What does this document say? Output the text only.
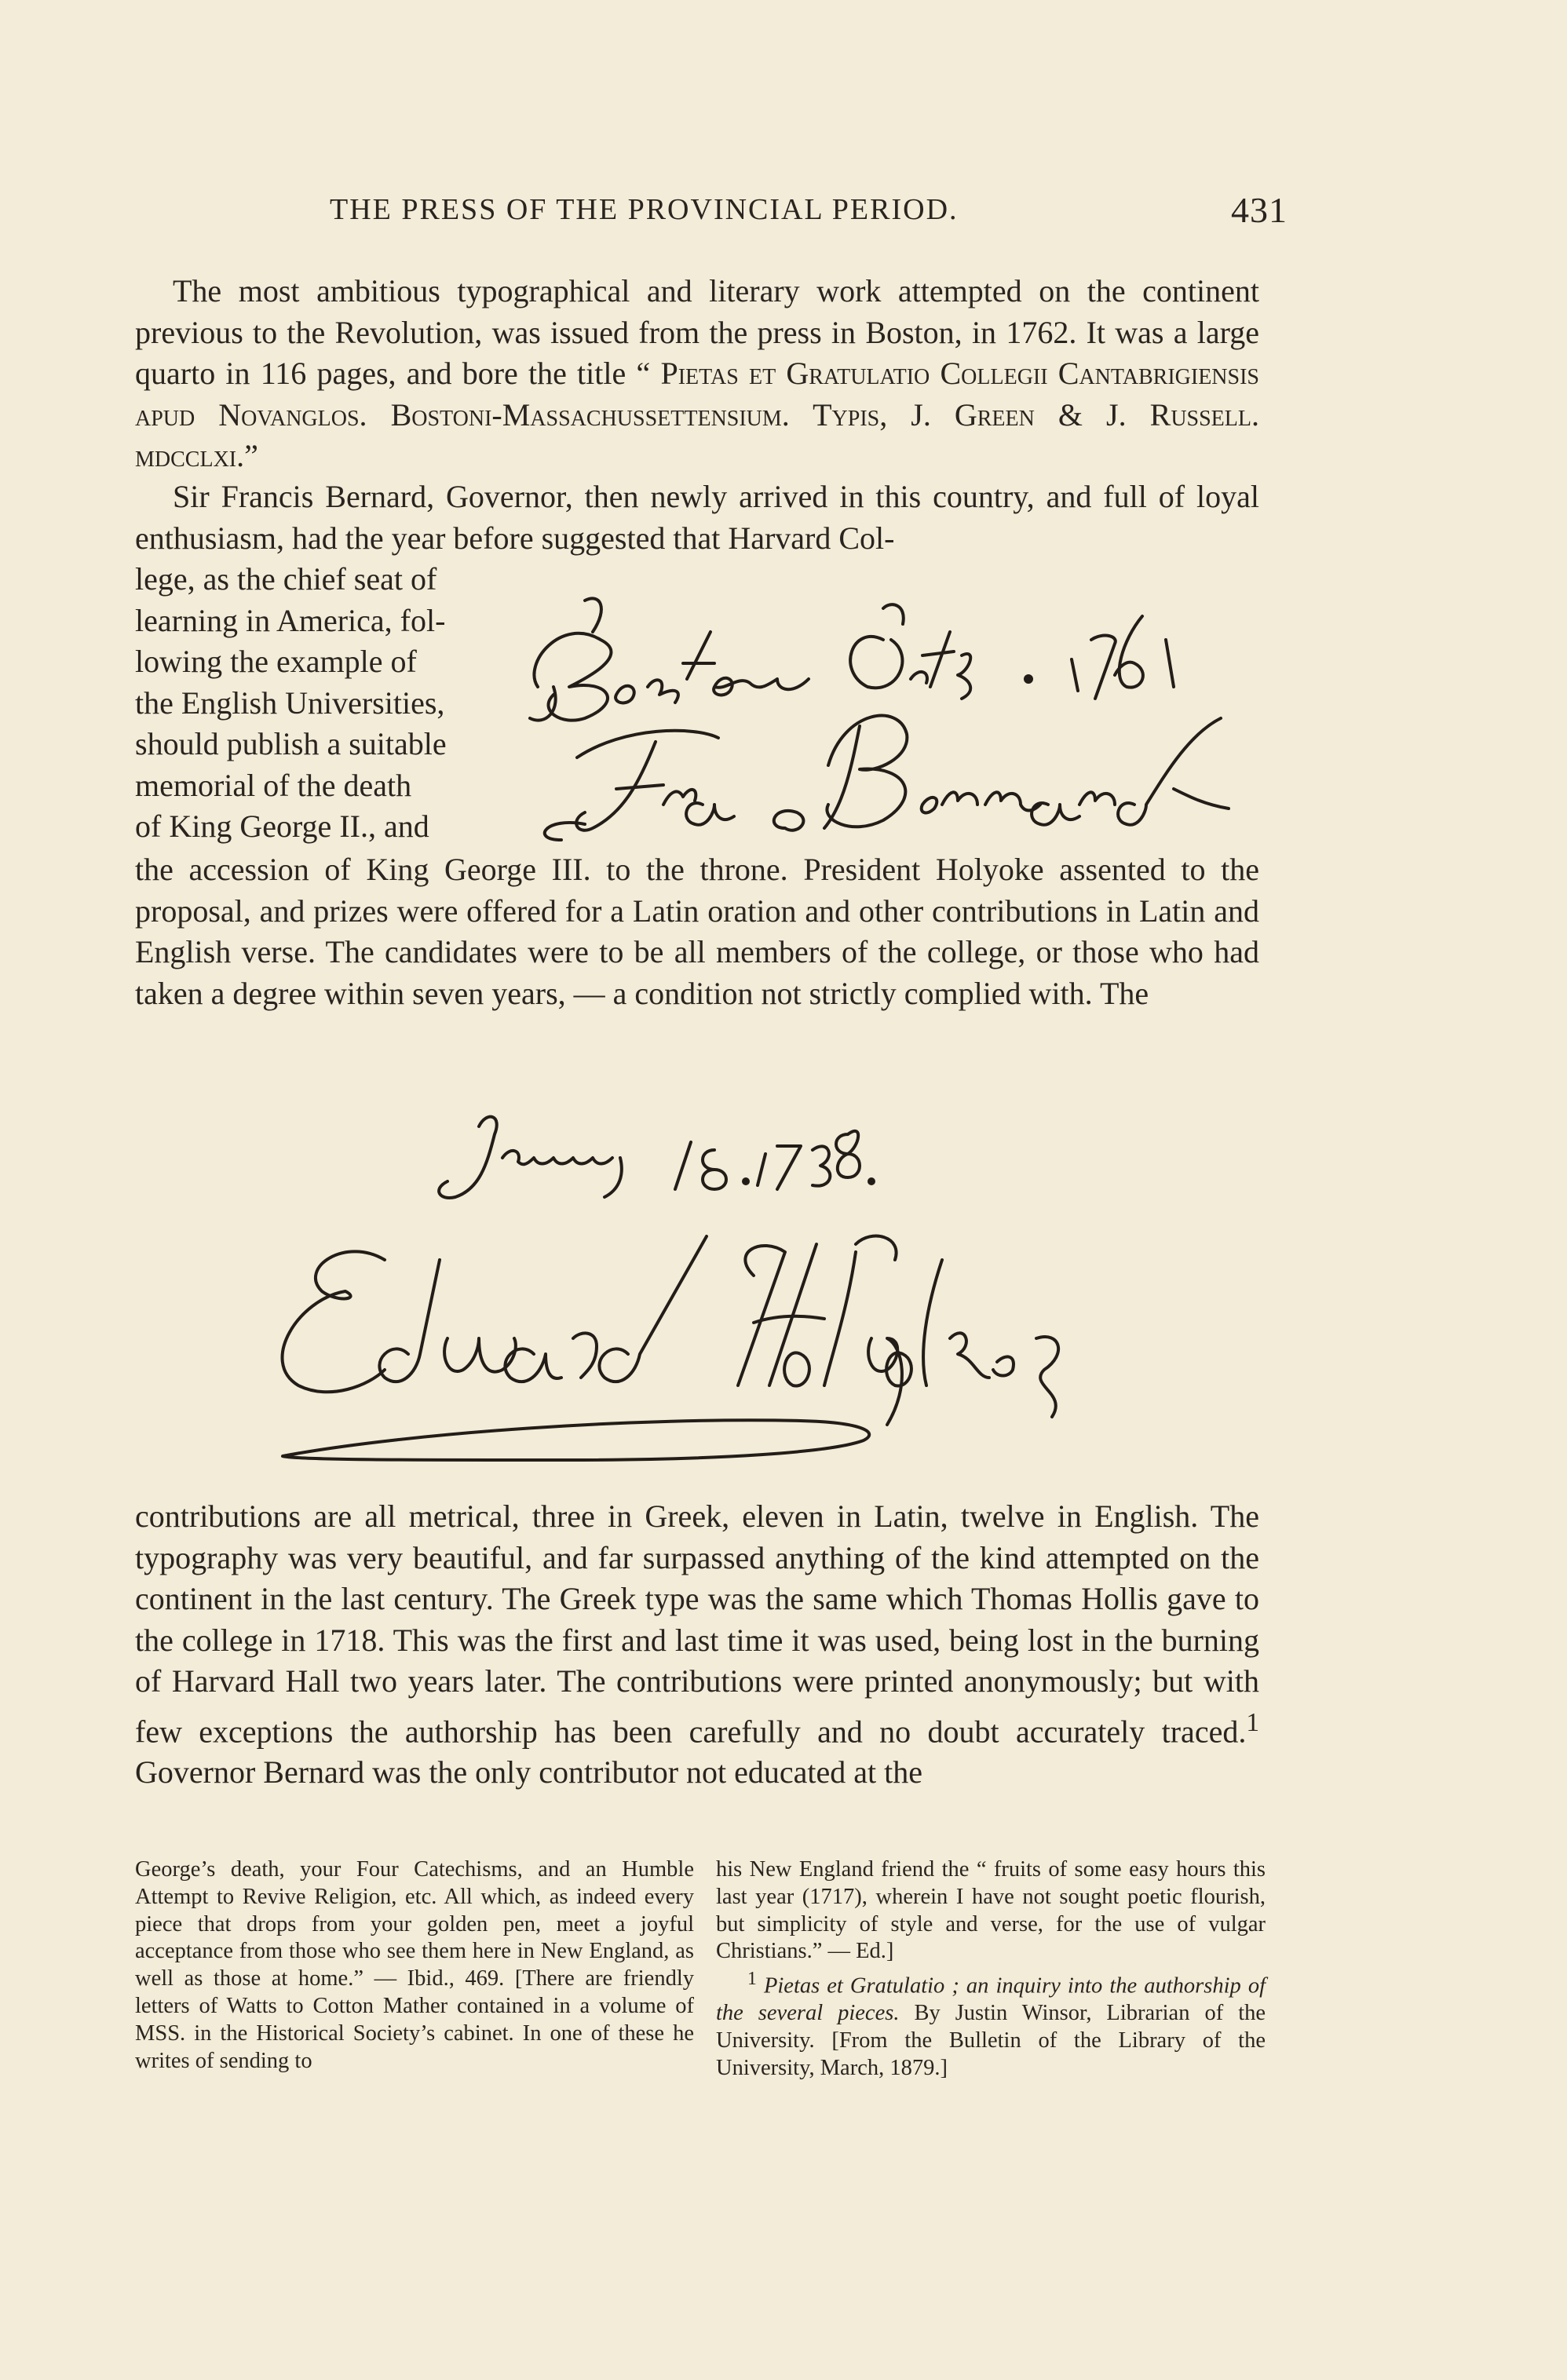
THE PRESS OF THE PROVINCIAL PERIOD.	431

The most ambitious typographical and literary work attempted on the continent previous to the Revolution, was issued from the press in Boston, in 1762. It was a large quarto in 116 pages, and bore the title “ Pietas et Gratulatio Collegii Cantabrigiensis apud Novanglos. Bostoni-Massachussettensium. Typis, J. Green & J. Russell. mdcclxi.”

Sir Francis Bernard, Governor, then newly arrived in this country, and full of loyal enthusiasm, had the year before suggested that Harvard Col-

lege, as the chief seat of
learning in America, fol-
lowing the example of
the English Universities,
should publish a suitable
memorial of the death
of King George II., and

the accession of King George III. to the throne. President Holyoke assented to the proposal, and prizes were offered for a Latin oration and other contributions in Latin and English verse. The candidates were to be all members of the college, or those who had taken a degree within seven years, — a condition not strictly complied with. The

contributions are all metrical, three in Greek, eleven in Latin, twelve in English. The typography was very beautiful, and far surpassed anything of the kind attempted on the continent in the last century. The Greek type was the same which Thomas Hollis gave to the college in 1718. This was the first and last time it was used, being lost in the burning of Harvard Hall two years later. The contributions were printed anonymously; but with few exceptions the authorship has been carefully and no doubt accurately traced.$^1$ Governor Bernard was the only contributor not educated at the

George’s death, your Four Catechisms, and an Humble Attempt to Revive Religion, etc. All which, as indeed every piece that drops from your golden pen, meet a joyful acceptance from those who see them here in New England, as well as those at home.” — Ibid., 469. [There are friendly letters of Watts to Cotton Mather contained in a volume of MSS. in the Historical Society’s cabinet. In one of these he writes of sending to

his New England friend the “ fruits of some easy hours this last year (1717), wherein I have not sought poetic flourish, but simplicity of style and verse, for the use of vulgar Christians.” — Ed.]

$^1$ Pietas et Gratulatio ; an inquiry into the authorship of the several pieces. By Justin Winsor, Librarian of the University. [From the Bulletin of the Library of the University, March, 1879.]
